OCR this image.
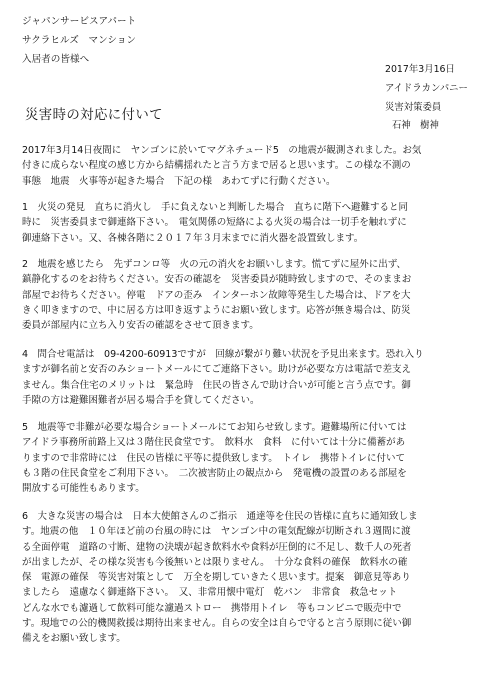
ジャパンサービスアパート
サクラヒルズ　マンション
入居者の皆様へ
2017年3月16日
アイドラカンパニー
災害対策委員
石神　樹神
災害時の対応に付いて

2017年3月14日夜間に　ヤンゴンに於いてマグネチュード5　の地震が観測されました。お気
付きに成らない程度の感じ方から結構揺れたと言う方まで居ると思います。この様な不測の
事態　地震　火事等が起きた場合　下記の様　あわてずに行動ください。

1　火災の発見　直ちに消火し　手に負えないと判断した場合　直ちに階下へ避難すると同
時に　災害委員まで御連絡下さい。　電気関係の短絡による火災の場合は一切手を触れずに
御連絡下さい。又、各棟各階に２０１７年３月末までに消火器を設置致します。

2　地震を感じたら　先ずコンロ等　火の元の消火をお願いします。慌てずに屋外に出ず、
鎮静化するのをお待ちください。安否の確認を　災害委員が随時致しますので、そのままお
部屋でお待ちください。停電　ドアの歪み　インターホン故障等発生した場合は、ドアを大
きく叩きますので、中に居る方は叩き返すようにお願い致します。応答が無き場合は、防災
委員が部屋内に立ち入り安否の確認をさせて頂きます。

4　問合せ電話は　09-4200-60913ですが　回線が繋がり難い状況を予見出来ます。恐れ入り
ますが御名前と安否のみショートメールにてご連絡下さい。助けが必要な方は電話で差支え
ません。集合住宅のメリットは　緊急時　住民の皆さんで助け合いが可能と言う点です。御
手隙の方は避難困難者が居る場合手を貸してください。

5　地震等で非難が必要な場合ショートメールにてお知らせ致します。避難場所に付いては
アイドラ事務所前路上又は３階住民食堂です。　飲料水　食料　に付いては十分に備蓄があ
りますので非常時には　住民の皆様に平等に提供致します。　トイレ　携帯トイレに付いて
も３階の住民食堂をご利用下さい。　二次被害防止の観点から　発電機の設置のある部屋を
開放する可能性もあります。

6　大きな災害の場合は　日本大使館さんのご指示　通達等を住民の皆様に直ちに通知致しま
す。地震の他　１０年ほど前の台風の時には　ヤンゴン中の電気配線が切断され３週間に渡
る全面停電　道路の寸断、建物の決壊が起き飲料水や食料が圧倒的に不足し、数千人の死者
が出ましたが、その様な災害も今後無いとは限りません。　十分な食料の確保　飲料水の確
保　電源の確保　等災害対策として　万全を期していきたく思います。提案　御意見等あり
ましたら　遠慮なく御連絡下さい。　又、非常用懐中電灯　乾パン　非常食　救急セット
どんな水でも濾過して飲料可能な濾過ストロー　携帯用トイレ　等もコンビニで販売中で
す。現地での公的機関救援は期待出来ません。自らの安全は自らで守ると言う原則に従い御
備えをお願い致します。
